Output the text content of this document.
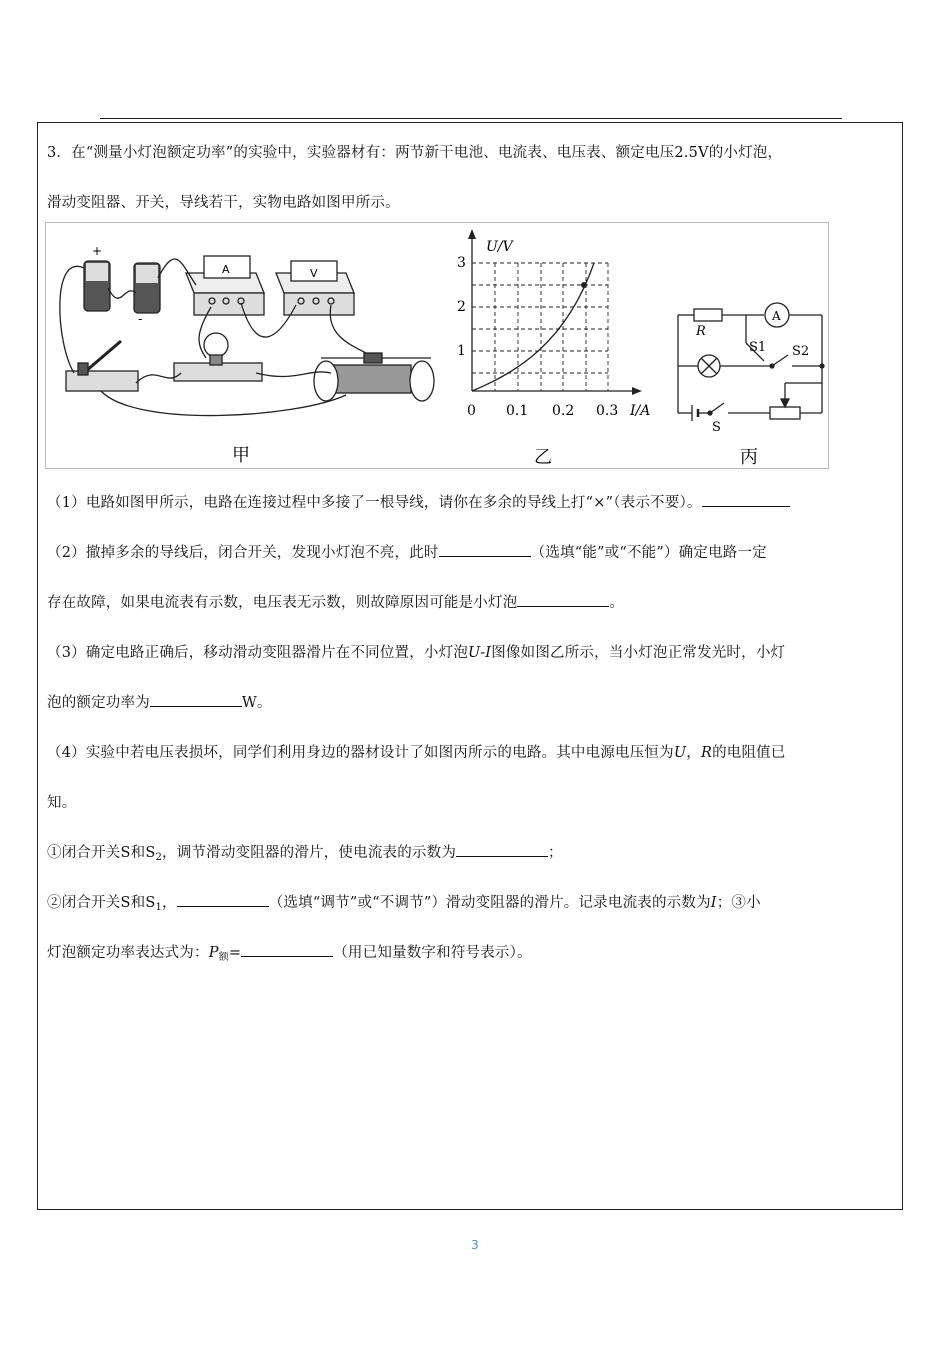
3．在“测量小灯泡额定功率”的实验中，实验器材有：两节新干电池、电流表、电压表、额定电压2.5V的小灯泡，
滑动变阻器、开关，导线若干，实物电路如图甲所示。
+
-
A	V
甲
U/V
1
2
3
0 0.1 0.2 0.3 I/A
乙
R
A
S1 S2
S
丙
（1）电路如图甲所示，电路在连接过程中多接了一根导线，请你在多余的导线上打“×”（表示不要）。
（2）撤掉多余的导线后，闭合开关，发现小灯泡不亮，此时	（选填“能”或“不能”）确定电路一定
存在故障，如果电流表有示数，电压表无示数，则故障原因可能是小灯泡	。
（3）确定电路正确后，移动滑动变阻器滑片在不同位置，小灯泡U-I图像如图乙所示，当小灯泡正常发光时，小灯
泡的额定功率为	W。
（4）实验中若电压表损坏，同学们利用身边的器材设计了如图丙所示的电路。其中电源电压恒为U，R的电阻值已
知。
①闭合开关S和$S_2$，调节滑动变阻器的滑片，使电流表的示数为	；
②闭合开关S和$S_1$，	（选填“调节”或“不调节”）滑动变阻器的滑片。记录电流表的示数为I；③小
灯泡额定功率表达式为：$P_额=$	（用已知量数字和符号表示）。
3
